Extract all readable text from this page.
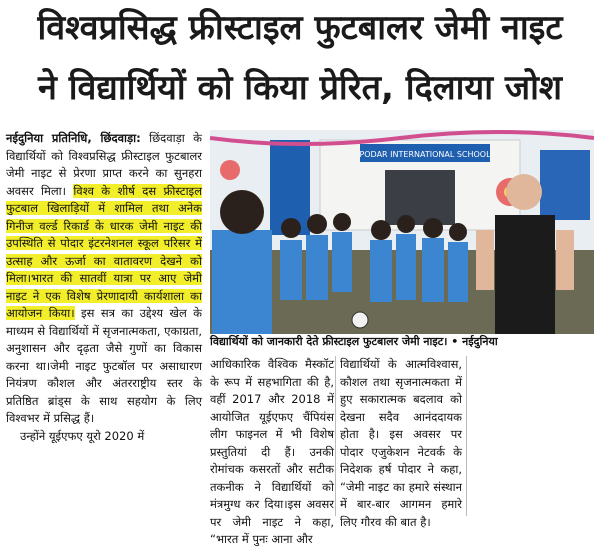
विश्वप्रसिद्ध फ्रीस्टाइल फुटबालर जेमी नाइट
ने विद्यार्थियों को किया प्रेरित, दिलाया जोश

नईदुनिया प्रतिनिधि, छिंदवाड़ा: छिंदवाड़ा के विद्यार्थियों को विश्वप्रसिद्ध फ्रीस्टाइल फुटबालर जेमी नाइट से प्रेरणा प्राप्त करने का सुनहरा अवसर मिला। विश्व के शीर्ष दस फ्रीस्टाइल फुटबाल खिलाड़ियों में शामिल तथा अनेक गिनीज वर्ल्ड रिकार्ड के धारक जेमी नाइट की उपस्थिति से पोदार इंटरनेशनल स्कूल परिसर में उत्साह और ऊर्जा का वातावरण देखने को मिला।भारत की सातवीं यात्रा पर आए जेमी नाइट ने एक विशेष प्रेरणादायी कार्यशाला का आयोजन किया। इस सत्र का उद्देश्य खेल के माध्यम से विद्यार्थियों में सृजनात्मकता, एकाग्रता, अनुशासन और दृढ़ता जैसे गुणों का विकास करना था।जेमी नाइट फुटबॉल पर असाधारण नियंत्रण कौशल और अंतरराष्ट्रीय स्तर के प्रतिष्ठित ब्रांड्स के साथ सहयोग के लिए विश्वभर में प्रसिद्ध हैं।

उन्होंने यूईएफए यूरो 2020 में

PODAR INTERNATIONAL SCHOOL
विद्यार्थियों को जानकारी देते फ्रीस्टाइल फुटबालर जेमी नाइट। • नईदुनिया
आधिकारिक वैश्विक मैस्कॉट के रूप में सहभागिता की है, वहीं 2017 और 2018 में आयोजित यूईएफए चैंपियंस लीग फाइनल में भी विशेष प्रस्तुतियां दी हैं। उनकी रोमांचक कसरतों और सटीक तकनीक ने विद्यार्थियों को मंत्रमुग्ध कर दिया।इस अवसर पर जेमी नाइट ने कहा, “भारत में पुनः आना और
विद्यार्थियों के आत्मविश्वास, कौशल तथा सृजनात्मकता में हुए सकारात्मक बदलाव को देखना सदैव आनंददायक होता है। इस अवसर पर पोदार एजुकेशन नेटवर्क के निदेशक हर्ष पोदार ने कहा, “जेमी नाइट का हमारे संस्थान में बार-बार आगमन हमारे लिए गौरव की बात है।
